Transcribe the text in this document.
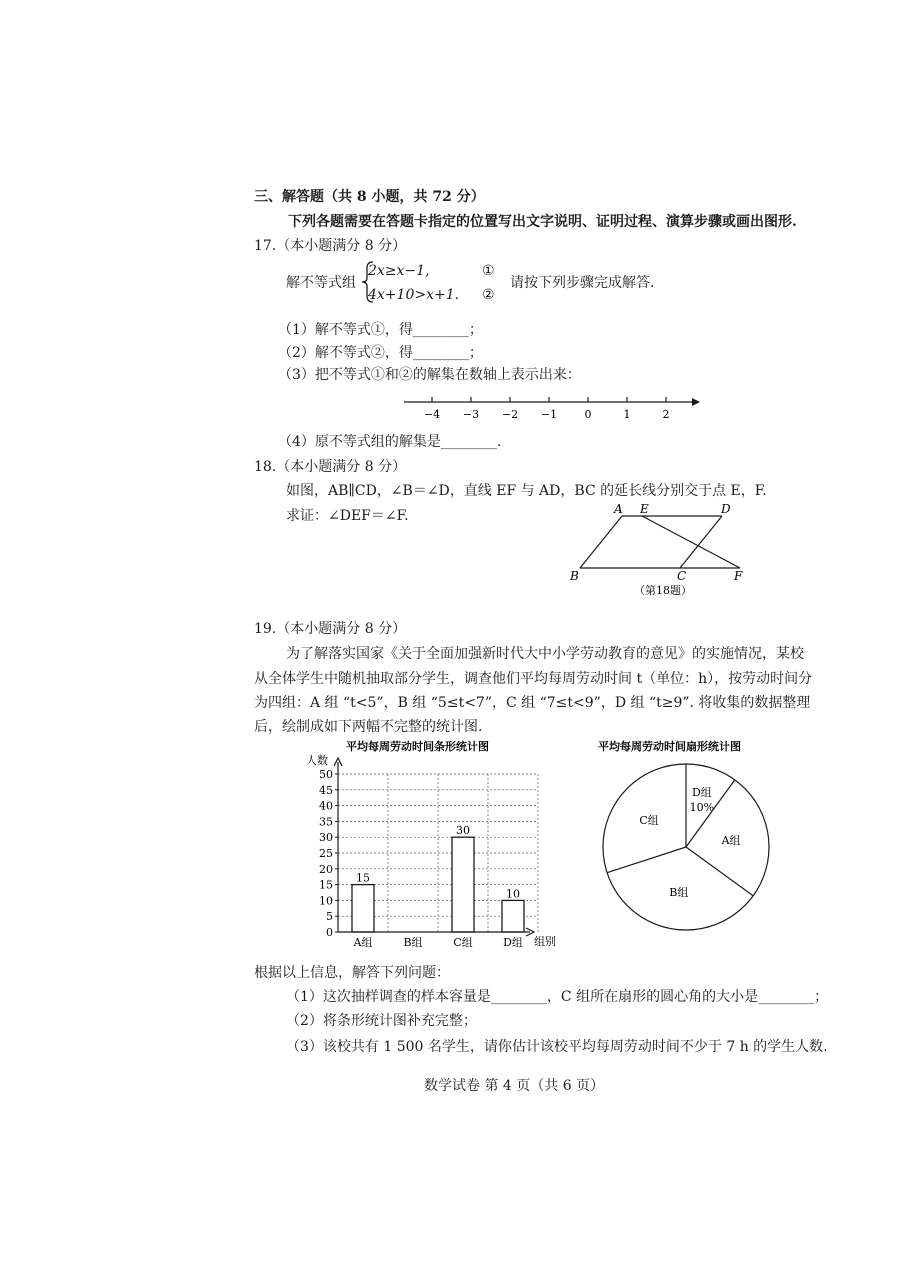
三、解答题（共 8 小题，共 72 分）
下列各题需要在答题卡指定的位置写出文字说明、证明过程、演算步骤或画出图形.
17.（本小题满分 8 分）
解不等式组
2x≥x−1,
4x+10>x+1.
①
②
请按下列步骤完成解答.
（1）解不等式①，得________；
（2）解不等式②，得________；
（3）把不等式①和②的解集在数轴上表示出来：
−4 −3 −2 −1 0	1	2
（4）原不等式组的解集是________.
18.（本小题满分 8 分）
如图，AB∥CD，∠B＝∠D，直线 EF 与 AD，BC 的延长线分别交于点 E，F.
求证：∠DEF＝∠F.	A E	D
B	C	F
（第18题）
19.（本小题满分 8 分）
为了解落实国家《关于全面加强新时代大中小学劳动教育的意见》的实施情况，某校
从全体学生中随机抽取部分学生，调查他们平均每周劳动时间 t（单位：h），按劳动时间分
为四组：A 组 “t<5”，B 组 “5≤t<7”，C 组 “7≤t<9”，D 组 “t≥9”. 将收集的数据整理
后，绘制成如下两幅不完整的统计图.
平均每周劳动时间条形统计图
人数
组别
0
5
10
15
20
25
30
35
40
45
50
A组
15
B组	C组
30
D组
10
平均每周劳动时间扇形统计图
D组
10%
A组
B组
C组
根据以上信息，解答下列问题：
（1）这次抽样调查的样本容量是________，C 组所在扇形的圆心角的大小是________；
（2）将条形统计图补充完整；
（3）该校共有 1 500 名学生，请你估计该校平均每周劳动时间不少于 7 h 的学生人数.
数学试卷 第 4 页（共 6 页）
